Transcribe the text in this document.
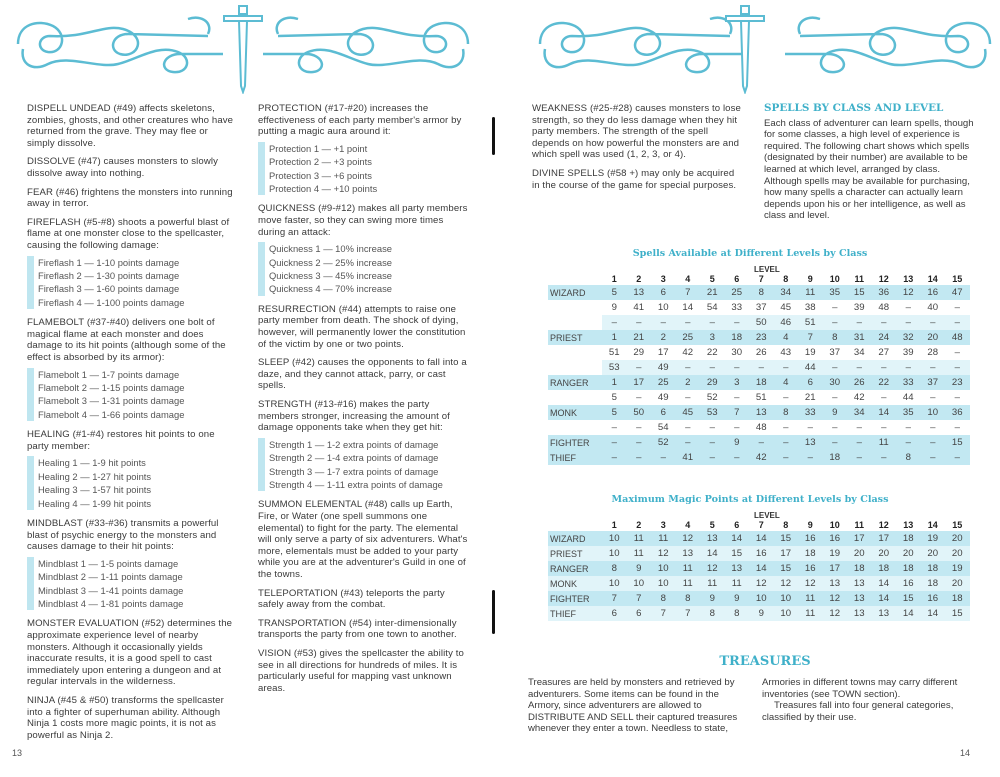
DISPELL UNDEAD (#49) affects skeletons, zombies, ghosts, and other creatures who have returned from the grave. They may flee or simply dissolve.

DISSOLVE (#47) causes monsters to slowly dissolve away into nothing.

FEAR (#46) frightens the monsters into running away in terror.

FIREFLASH (#5-#8) shoots a powerful blast of flame at one monster close to the spellcaster, causing the following damage:

Fireflash 1 — 1-10 points damage
Fireflash 2 — 1-30 points damage
Fireflash 3 — 1-60 points damage
Fireflash 4 — 1-100 points damage

FLAMEBOLT (#37-#40) delivers one bolt of magical flame at each monster and does damage to its hit points (although some of the effect is absorbed by its armor):

Flamebolt 1 — 1-7 points damage
Flamebolt 2 — 1-15 points damage
Flamebolt 3 — 1-31 points damage
Flamebolt 4 — 1-66 points damage

HEALING (#1-#4) restores hit points to one party member:

Healing 1 — 1-9 hit points
Healing 2 — 1-27 hit points
Healing 3 — 1-57 hit points
Healing 4 — 1-99 hit points

MINDBLAST (#33-#36) transmits a powerful blast of psychic energy to the monsters and causes damage to their hit points:

Mindblast 1 — 1-5 points damage
Mindblast 2 — 1-11 points damage
Mindblast 3 — 1-41 points damage
Mindblast 4 — 1-81 points damage

MONSTER EVALUATION (#52) determines the approximate experience level of nearby monsters. Although it occasionally yields inaccurate results, it is a good spell to cast immediately upon entering a dungeon and at regular intervals in the wilderness.

NINJA (#45 & #50) transforms the spellcaster into a fighter of superhuman ability. Although Ninja 1 costs more magic points, it is not as powerful as Ninja 2.

PROTECTION (#17-#20) increases the effectiveness of each party member's armor by putting a magic aura around it:

Protection 1 — +1 point
Protection 2 — +3 points
Protection 3 — +6 points
Protection 4 — +10 points

QUICKNESS (#9-#12) makes all party members move faster, so they can swing more times during an attack:

Quickness 1 — 10% increase
Quickness 2 — 25% increase
Quickness 3 — 45% increase
Quickness 4 — 70% increase

RESURRECTION (#44) attempts to raise one party member from death. The shock of dying, however, will permanently lower the constitution of the victim by one or two points.

SLEEP (#42) causes the opponents to fall into a daze, and they cannot attack, parry, or cast spells.

STRENGTH (#13-#16) makes the party members stronger, increasing the amount of damage opponents take when they get hit:

Strength 1 — 1-2 extra points of damage
Strength 2 — 1-4 extra points of damage
Strength 3 — 1-7 extra points of damage
Strength 4 — 1-11 extra points of damage

SUMMON ELEMENTAL (#48) calls up Earth, Fire, or Water (one spell summons one elemental) to fight for the party. The elemental will only serve a party of six adventurers. What's more, elementals must be added to your party while you are at the adventurer's Guild in one of the towns.

TELEPORTATION (#43) teleports the party safely away from the combat.

TRANSPORTATION (#54) inter-dimensionally transports the party from one town to another.

VISION (#53) gives the spellcaster the ability to see in all directions for hundreds of miles. It is particularly useful for mapping vast unknown areas.

13

WEAKNESS (#25-#28) causes monsters to lose strength, so they do less damage when they hit party members. The strength of the spell depends on how powerful the monsters are and which spell was used (1, 2, 3, or 4).

DIVINE SPELLS (#58 +) may only be acquired in the course of the game for special purposes.

SPELLS BY CLASS AND LEVEL

Each class of adventurer can learn spells, though for some classes, a high level of experience is required. The following chart shows which spells (designated by their number) are available to be learned at which level, arranged by class. Although spells may be available for purchasing, how many spells a character can actually learn depends upon his or her intelligence, as well as class and level.

Spells Available at Different Levels by Class
LEVEL
	1	2	3	4	5	6	7	8	9	10	11	12	13	14	15
WIZARD	5	13	6	7	21	25	8	34	11	35	15	36	12	16	47
	9	41	10	14	54	33	37	45	38	–	39	48	–	40	–
	–	–	–	–	–	–	50	46	51	–	–	–	–	–	–
PRIEST	1	21	2	25	3	18	23	4	7	8	31	24	32	20	48
	51	29	17	42	22	30	26	43	19	37	34	27	39	28	–
	53	–	49	–	–	–	–	–	44	–	–	–	–	–	–
RANGER	1	17	25	2	29	3	18	4	6	30	26	22	33	37	23
	5	–	49	–	52	–	51	–	21	–	42	–	44	–	–
MONK	5	50	6	45	53	7	13	8	33	9	34	14	35	10	36
	–	–	54	–	–	–	48	–	–	–	–	–	–	–	–
FIGHTER	–	–	52	–	–	9	–	–	13	–	–	11	–	–	15
THIEF	–	–	–	41	–	–	42	–	–	18	–	–	8	–	–
Maximum Magic Points at Different Levels by Class
LEVEL
	1	2	3	4	5	6	7	8	9	10	11	12	13	14	15
WIZARD	10	11	11	12	13	14	14	15	16	16	17	17	18	19	20
PRIEST	10	11	12	13	14	15	16	17	18	19	20	20	20	20	20
RANGER	8	9	10	11	12	13	14	15	16	17	18	18	18	18	19
MONK	10	10	10	11	11	11	12	12	12	13	13	14	16	18	20
FIGHTER	7	7	8	8	9	9	10	10	11	12	13	14	15	16	18
THIEF	6	6	7	7	8	8	9	10	11	12	13	13	14	14	15
TREASURES

Treasures are held by monsters and retrieved by adventurers. Some items can be found in the Armory, since adventurers are allowed to DISTRIBUTE AND SELL their captured treasures whenever they enter a town. Needless to state,

Armories in different towns may carry different inventories (see TOWN section).

Treasures fall into four general categories, classified by their use.

14
